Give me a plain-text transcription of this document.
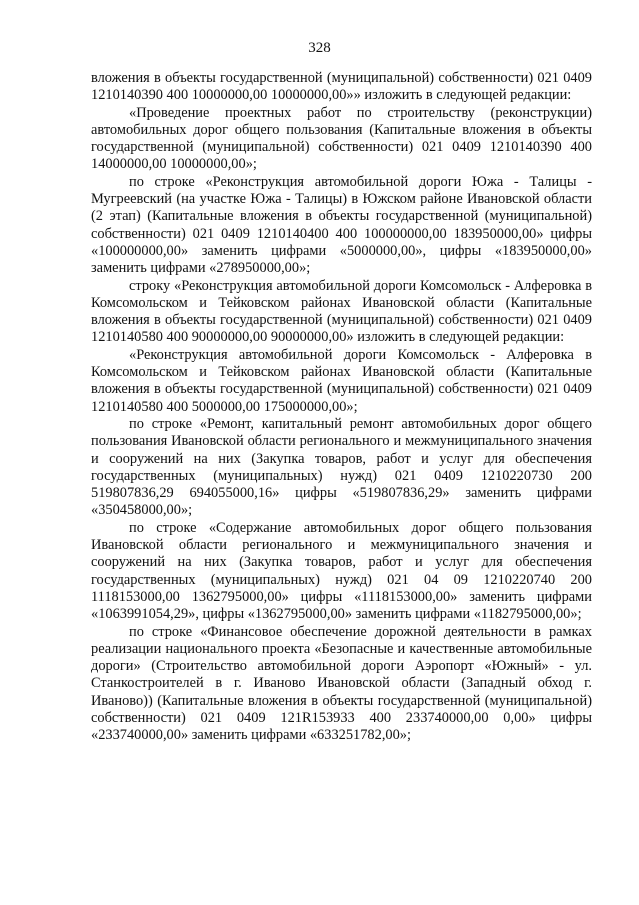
328

вложения в объекты государственной (муниципальной) собственности) 021 0409 1210140390 400 10000000,00 10000000,00»» изложить в следующей редакции:

«Проведение проектных работ по строительству (реконструкции) автомобильных дорог общего пользования (Капитальные вложения в объекты государственной (муниципальной) собственности) 021 0409 1210140390 400 14000000,00 10000000,00»;

по строке «Реконструкция автомобильной дороги Южа - Талицы - Мугреевский (на участке Южа - Талицы) в Южском районе Ивановской области (2 этап) (Капитальные вложения в объекты государственной (муниципальной) собственности) 021 0409 1210140400 400 100000000,00 183950000,00» цифры «100000000,00» заменить цифрами «5000000,00», цифры «183950000,00» заменить цифрами «278950000,00»;

строку «Реконструкция автомобильной дороги Комсомольск - Алферовка в Комсомольском и Тейковском районах Ивановской области (Капитальные вложения в объекты государственной (муниципальной) собственности) 021 0409 1210140580 400 90000000,00 90000000,00» изложить в следующей редакции:

«Реконструкция автомобильной дороги Комсомольск - Алферовка в Комсомольском и Тейковском районах Ивановской области (Капитальные вложения в объекты государственной (муниципальной) собственности) 021 0409 1210140580 400 5000000,00 175000000,00»;

по строке «Ремонт, капитальный ремонт автомобильных дорог общего пользования Ивановской области регионального и межмуниципального значения и сооружений на них (Закупка товаров, работ и услуг для обеспечения государственных (муниципальных) нужд) 021 0409 1210220730 200 519807836,29 694055000,16» цифры «519807836,29» заменить цифрами «350458000,00»;

по строке «Содержание автомобильных дорог общего пользования Ивановской области регионального и межмуниципального значения и сооружений на них (Закупка товаров, работ и услуг для обеспечения государственных (муниципальных) нужд) 021 04 09 1210220740 200 1118153000,00 1362795000,00» цифры «1118153000,00» заменить цифрами «1063991054,29», цифры «1362795000,00» заменить цифрами «1182795000,00»;

по строке «Финансовое обеспечение дорожной деятельности в рамках реализации национального проекта «Безопасные и качественные автомобильные дороги» (Строительство автомобильной дороги Аэропорт «Южный» - ул. Станкостроителей в г. Иваново Ивановской области (Западный обход г. Иваново)) (Капитальные вложения в объекты государственной (муниципальной) собственности) 021 0409 121R153933 400 233740000,00 0,00» цифры «233740000,00» заменить цифрами «633251782,00»;
